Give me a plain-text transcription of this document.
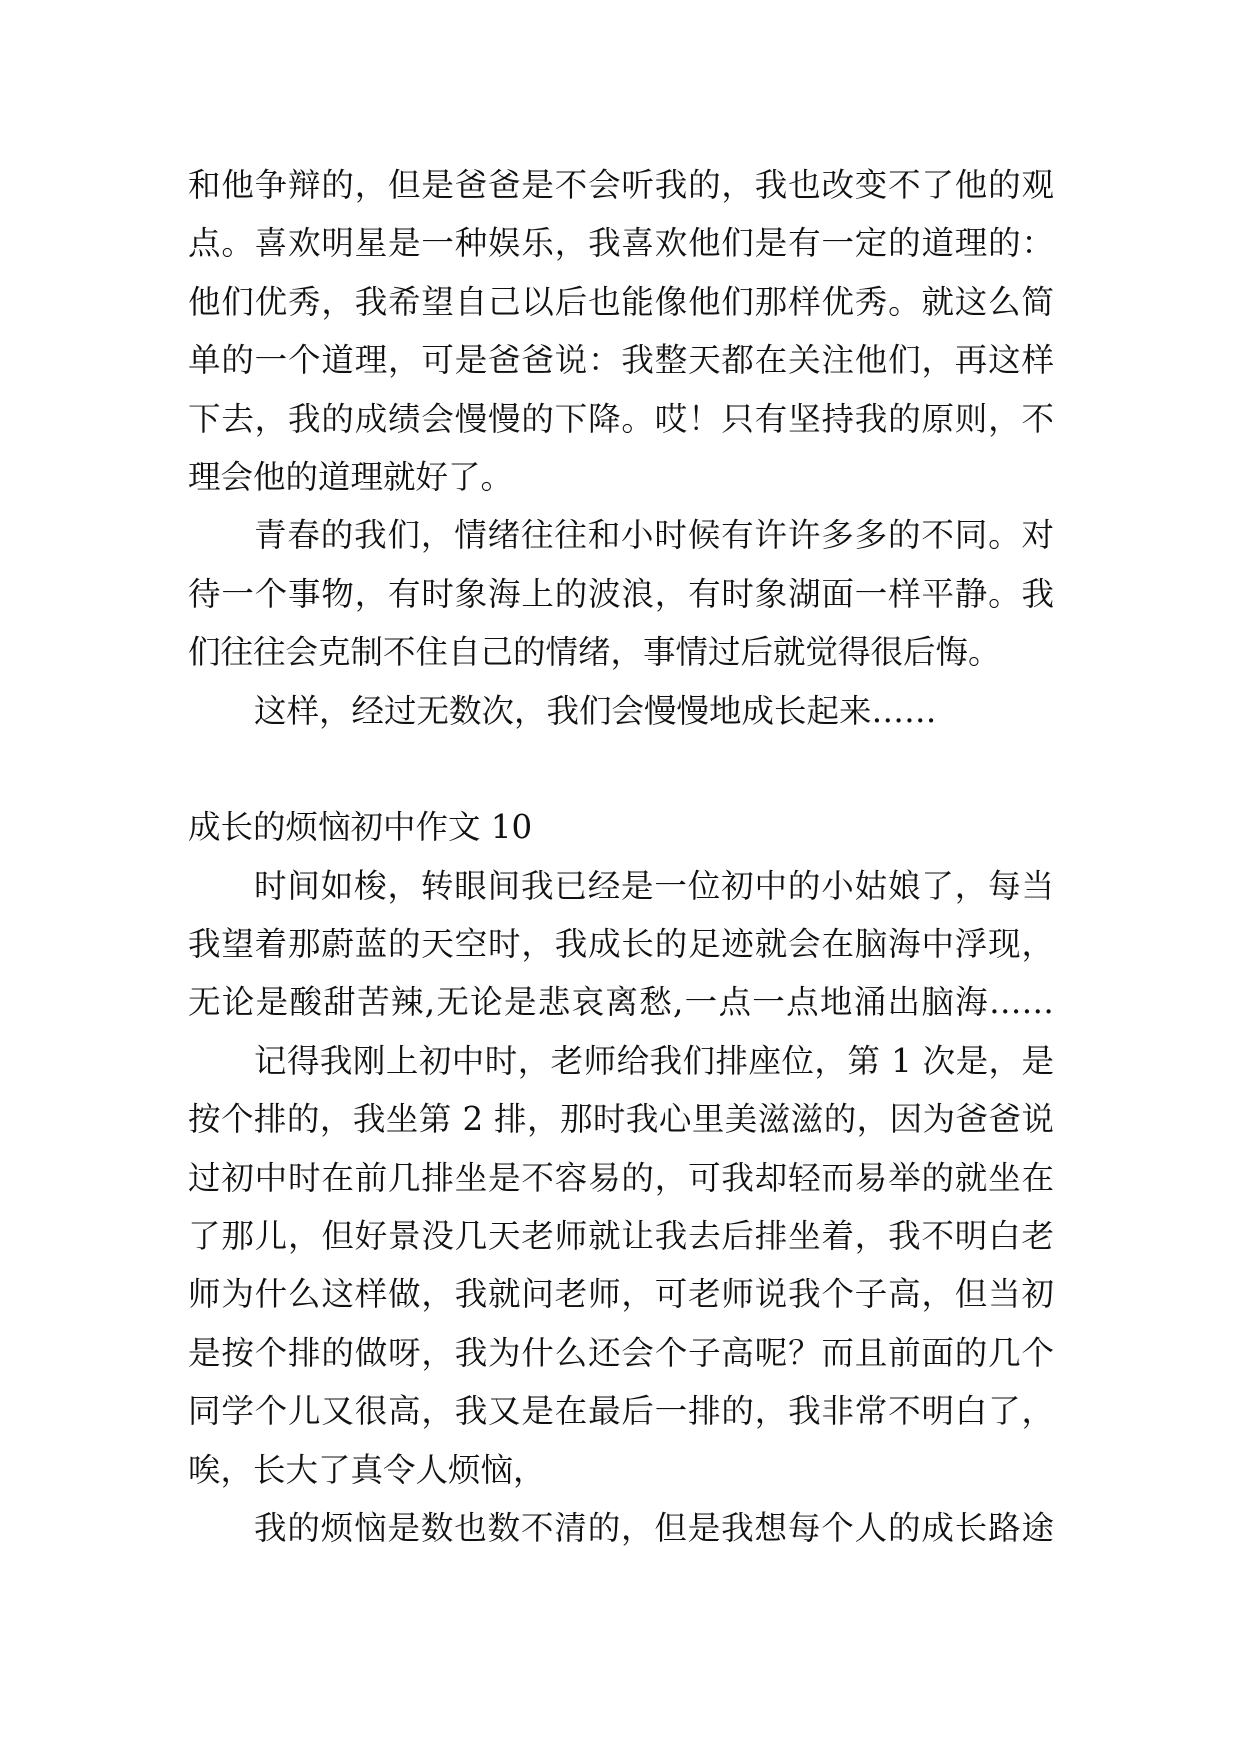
和他争辩的，但是爸爸是不会听我的，我也改变不了他的观
点。喜欢明星是一种娱乐，我喜欢他们是有一定的道理的：
他们优秀，我希望自己以后也能像他们那样优秀。就这么简
单的一个道理，可是爸爸说：我整天都在关注他们，再这样
下去，我的成绩会慢慢的下降。哎！只有坚持我的原则，不
理会他的道理就好了。
青春的我们，情绪往往和小时候有许许多多的不同。对
待一个事物，有时象海上的波浪，有时象湖面一样平静。我
们往往会克制不住自己的情绪，事情过后就觉得很后悔。
这样，经过无数次，我们会慢慢地成长起来……
成长的烦恼初中作文 10
时间如梭，转眼间我已经是一位初中的小姑娘了，每当
我望着那蔚蓝的天空时，我成长的足迹就会在脑海中浮现，
无论是酸甜苦辣,无论是悲哀离愁,一点一点地涌出脑海……
记得我刚上初中时，老师给我们排座位，第 1 次是，是
按个排的，我坐第 2 排，那时我心里美滋滋的，因为爸爸说
过初中时在前几排坐是不容易的，可我却轻而易举的就坐在
了那儿，但好景没几天老师就让我去后排坐着，我不明白老
师为什么这样做，我就问老师，可老师说我个子高，但当初
是按个排的做呀，我为什么还会个子高呢？而且前面的几个
同学个儿又很高，我又是在最后一排的，我非常不明白了，
唉，长大了真令人烦恼，
我的烦恼是数也数不清的，但是我想每个人的成长路途
